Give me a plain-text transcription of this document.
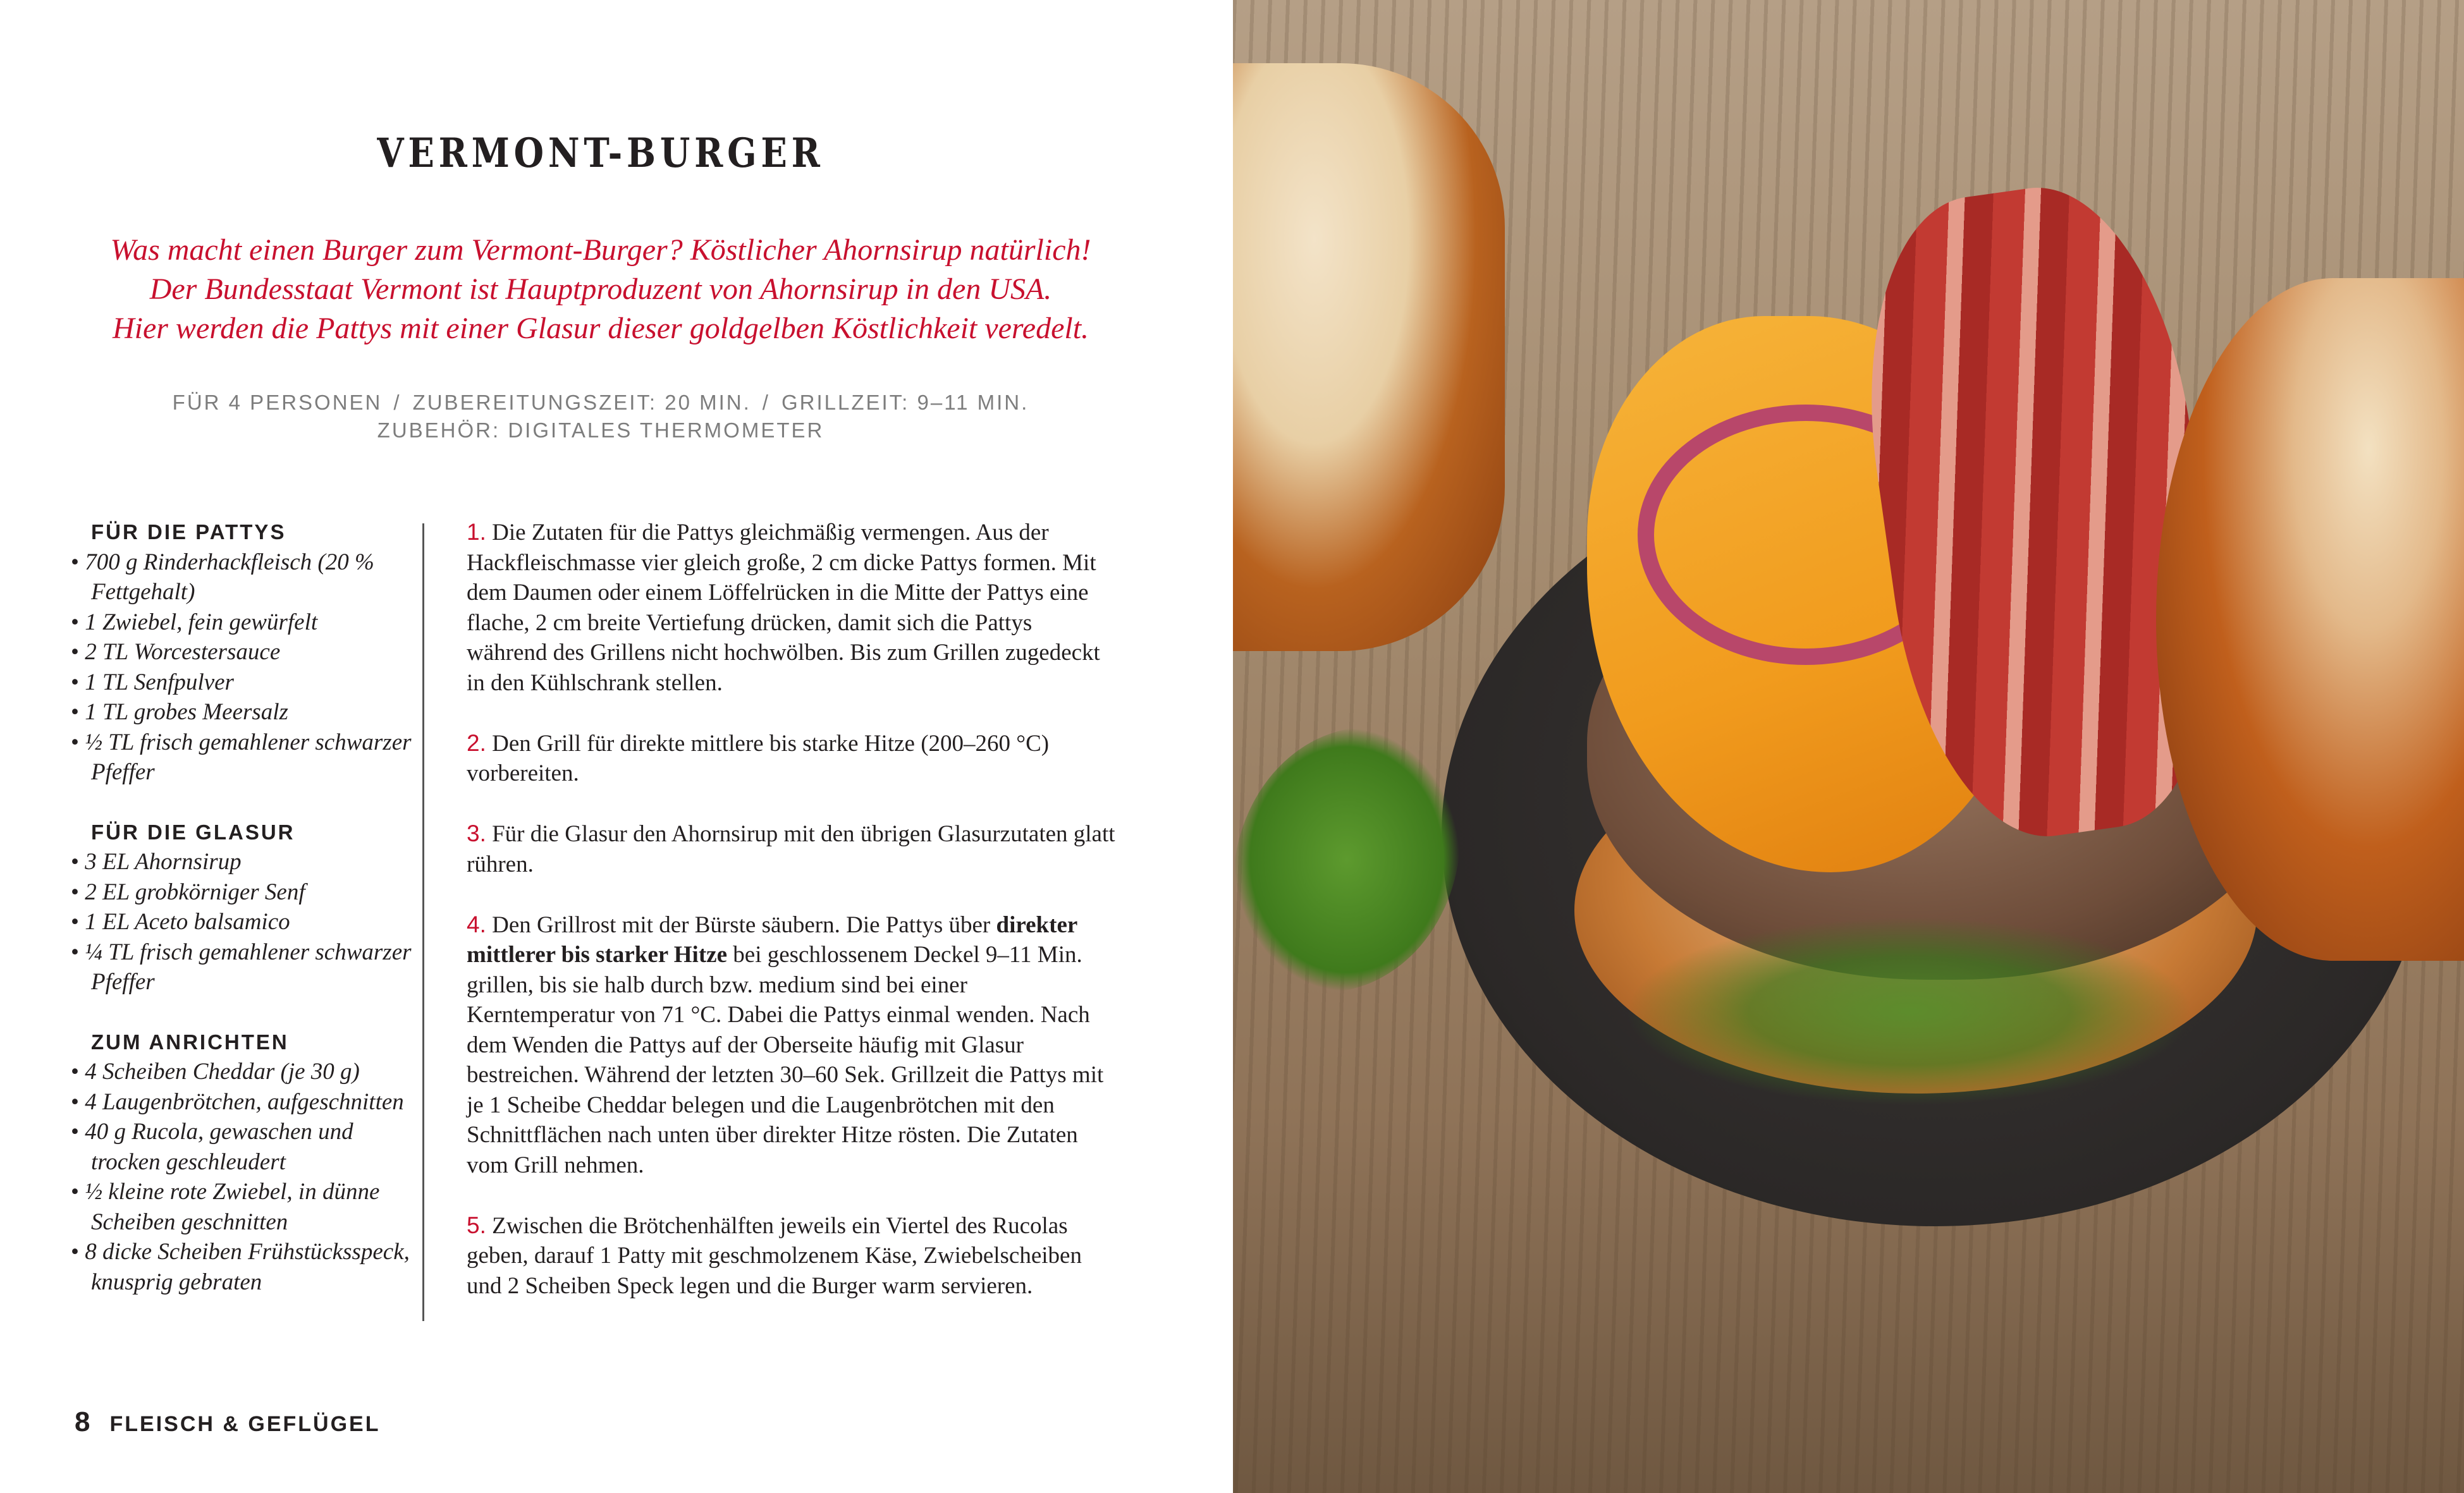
VERMONT-BURGER
Was macht einen Burger zum Vermont-Burger? Köstlicher Ahornsirup natürlich!
Der Bundesstaat Vermont ist Hauptproduzent von Ahornsirup in den USA.
Hier werden die Pattys mit einer Glasur dieser goldgelben Köstlichkeit veredelt.
FÜR 4 PERSONEN / ZUBEREITUNGSZEIT: 20 MIN. / GRILLZEIT: 9–11 MIN.
ZUBEHÖR: DIGITALES THERMOMETER
FÜR DIE PATTYS
• 700 g Rinderhackfleisch (20 % Fettgehalt)
• 1 Zwiebel, fein gewürfelt
• 2 TL Worcestersauce
• 1 TL Senfpulver
• 1 TL grobes Meersalz
• ½ TL frisch gemahlener schwarzer Pfeffer
FÜR DIE GLASUR
• 3 EL Ahornsirup
• 2 EL grobkörniger Senf
• 1 EL Aceto balsamico
• ¼ TL frisch gemahlener schwarzer Pfeffer
ZUM ANRICHTEN
• 4 Scheiben Cheddar (je 30 g)
• 4 Laugenbrötchen, aufgeschnitten
• 40 g Rucola, gewaschen und trocken geschleudert
• ½ kleine rote Zwiebel, in dünne Scheiben geschnitten
• 8 dicke Scheiben Frühstücksspeck, knusprig gebraten

1. Die Zutaten für die Pattys gleichmäßig vermengen. Aus der Hackfleischmasse vier gleich große, 2 cm dicke Pattys formen. Mit dem Daumen oder einem Löffelrücken in die Mitte der Pattys eine flache, 2 cm breite Vertiefung drücken, damit sich die Pattys während des Grillens nicht hochwölben. Bis zum Grillen zugedeckt in den Kühlschrank stellen.

2. Den Grill für direkte mittlere bis starke Hitze (200–260 °C) vorbereiten.

3. Für die Glasur den Ahornsirup mit den übrigen Glasurzutaten glatt rühren.

4. Den Grillrost mit der Bürste säubern. Die Pattys über direkter mittlerer bis starker Hitze bei geschlossenem Deckel 9–11 Min. grillen, bis sie halb durch bzw. medium sind bei einer Kerntemperatur von 71 °C. Dabei die Pattys einmal wenden. Nach dem Wenden die Pattys auf der Oberseite häufig mit Glasur bestreichen. Während der letzten 30–60 Sek. Grillzeit die Pattys mit je 1 Scheibe Cheddar belegen und die Laugenbrötchen mit den Schnittflächen nach unten über direkter Hitze rösten. Die Zutaten vom Grill nehmen.

5. Zwischen die Brötchenhälften jeweils ein Viertel des Rucolas geben, darauf 1 Patty mit geschmolzenem Käse, Zwiebelscheiben und 2 Scheiben Speck legen und die Burger warm servieren.

8 FLEISCH & GEFLÜGEL
